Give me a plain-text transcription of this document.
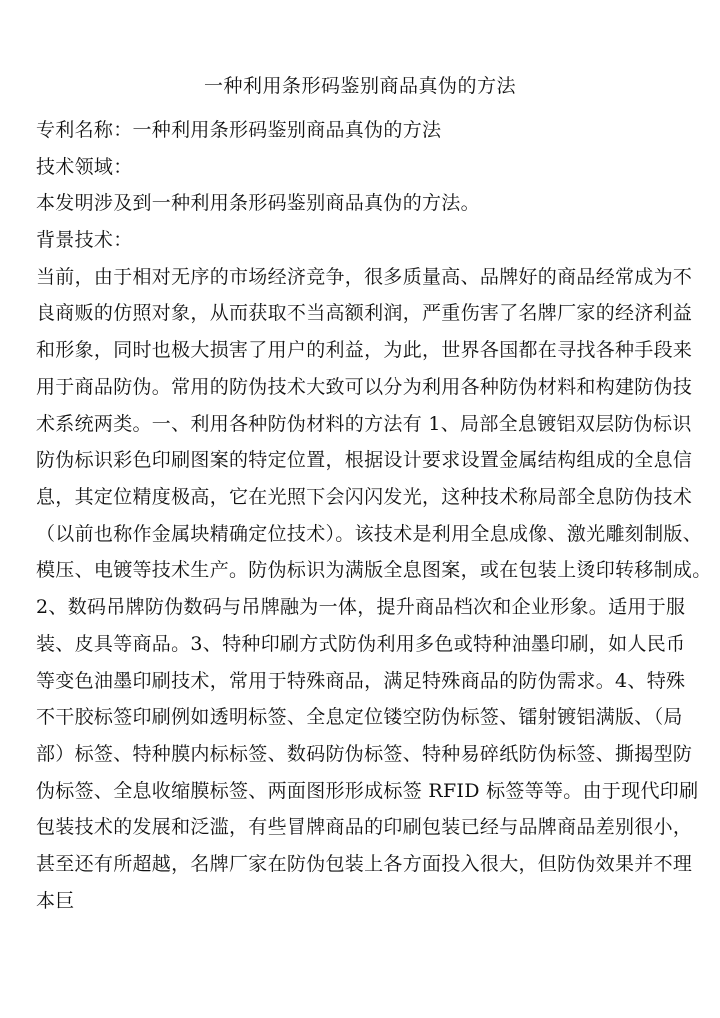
一种利用条形码鉴别商品真伪的方法
专利名称：一种利用条形码鉴别商品真伪的方法
技术领域：
本发明涉及到一种利用条形码鉴别商品真伪的方法。
背景技术：
当前，由于相对无序的市场经济竞争，很多质量高、品牌好的商品经常成为不
良商贩的仿照对象，从而获取不当高额利润，严重伤害了名牌厂家的经济利益
和形象，同时也极大损害了用户的利益，为此，世界各国都在寻找各种手段来
用于商品防伪。常用的防伪技术大致可以分为利用各种防伪材料和构建防伪技
术系统两类。一、利用各种防伪材料的方法有 1、局部全息镀铝双层防伪标识
防伪标识彩色印刷图案的特定位置，根据设计要求设置金属结构组成的全息信
息，其定位精度极高，它在光照下会闪闪发光，这种技术称局部全息防伪技术
（以前也称作金属块精确定位技术）。该技术是利用全息成像、激光雕刻制版、
模压、电镀等技术生产。防伪标识为满版全息图案，或在包装上烫印转移制成。
2、数码吊牌防伪数码与吊牌融为一体，提升商品档次和企业形象。适用于服
装、皮具等商品。3、特种印刷方式防伪利用多色或特种油墨印刷，如人民币
等变色油墨印刷技术，常用于特殊商品，满足特殊商品的防伪需求。4、特殊
不干胶标签印刷例如透明标签、全息定位镂空防伪标签、镭射镀铝满版、（局
部）标签、特种膜内标标签、数码防伪标签、特种易碎纸防伪标签、撕揭型防
伪标签、全息收缩膜标签、两面图形形成标签 RFID 标签等等。由于现代印刷
包装技术的发展和泛滥，有些冒牌商品的印刷包装已经与品牌商品差别很小，
甚至还有所超越，名牌厂家在防伪包装上各方面投入很大，但防伪效果并不理
本巨
